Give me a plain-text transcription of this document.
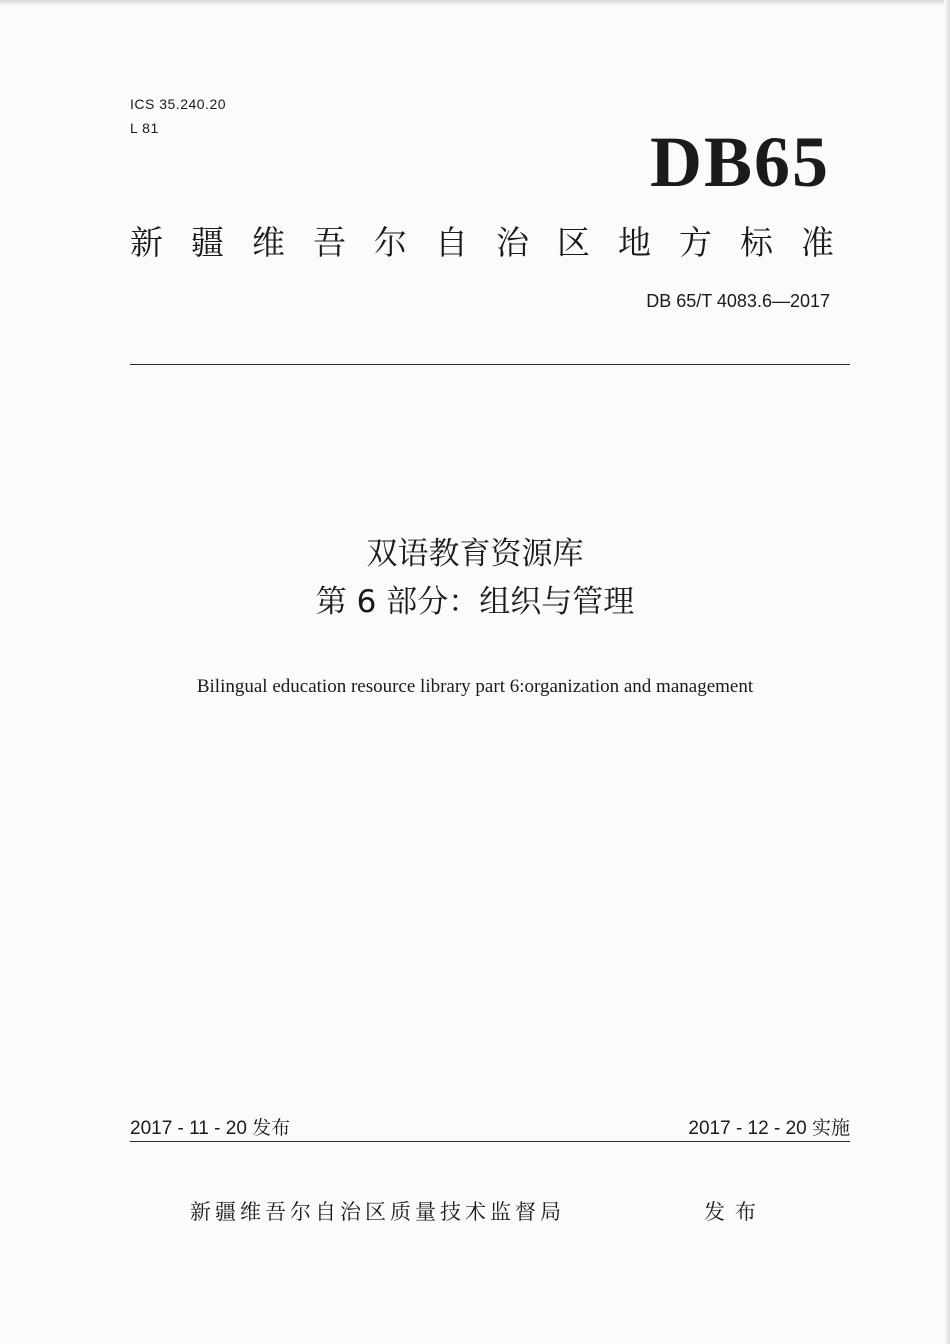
ICS 35.240.20
L 81	DB65
新疆维吾尔自治区地方标准
DB 65/T 4083.6—2017
双语教育资源库
第 6 部分：组织与管理
Bilingual education resource library part 6:organization and management
2017 - 11 - 20 发布	2017 - 12 - 20 实施
新疆维吾尔自治区质量技术监督局	发布
